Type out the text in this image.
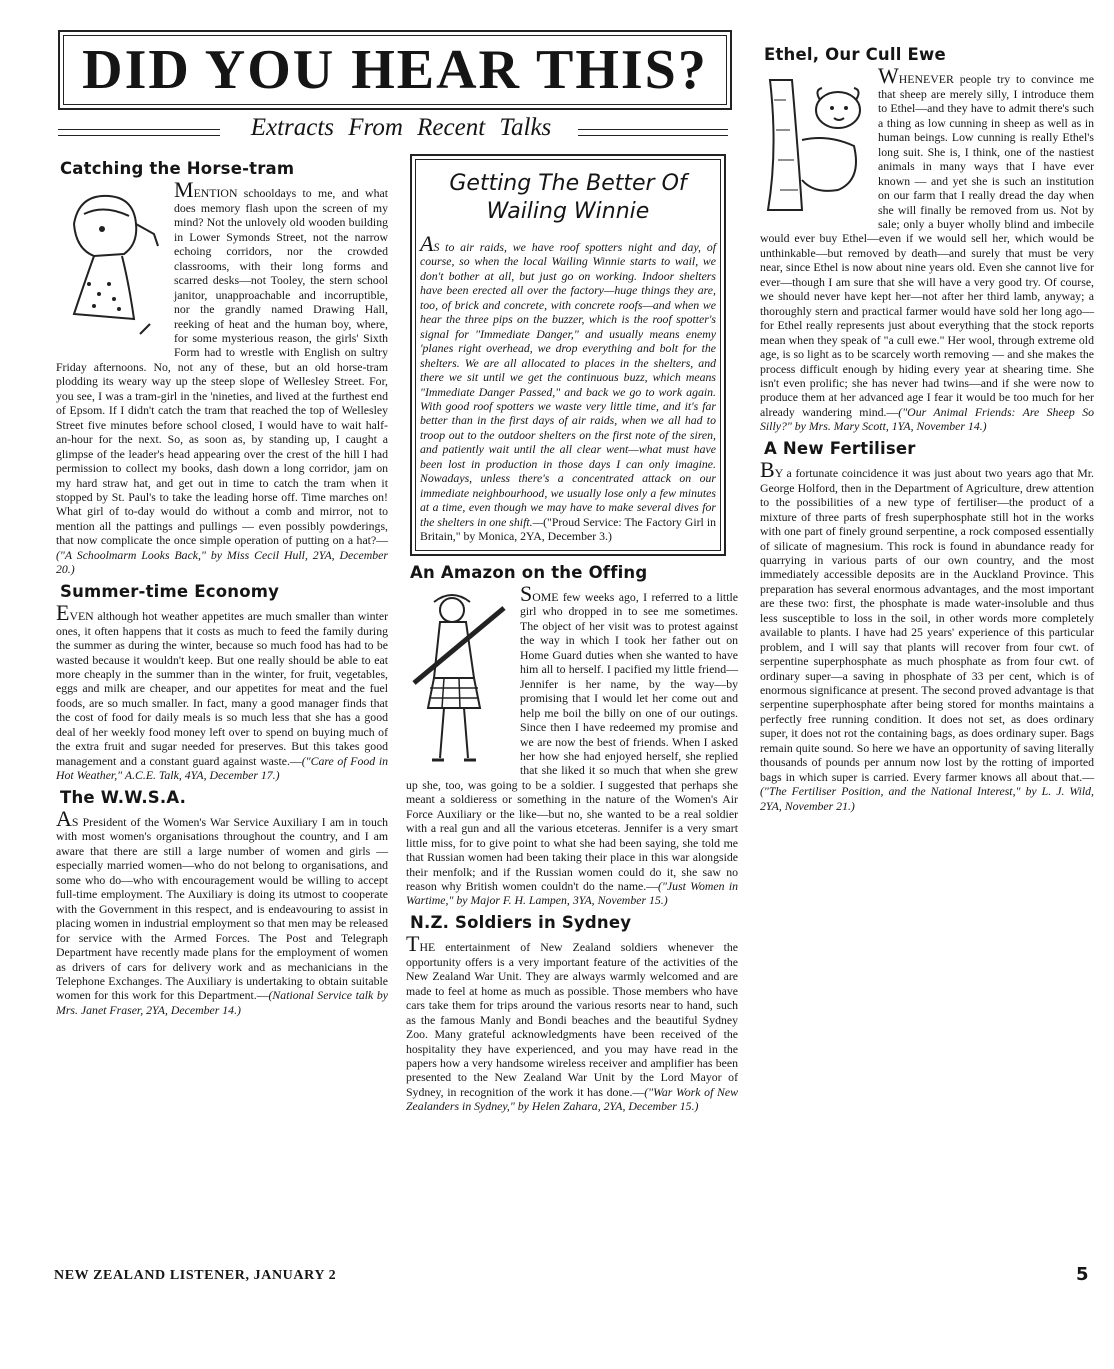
DID YOU HEAR THIS?
Extracts From Recent Talks
Catching the Horse-tram

MENTION schooldays to me, and what does memory flash upon the screen of my mind? Not the unlovely old wooden building in Lower Symonds Street, not the narrow echoing corridors, nor the crowded classrooms, with their long forms and scarred desks—not Tooley, the stern school janitor, unapproachable and incorruptible, nor the grandly named Drawing Hall, reeking of heat and the human boy, where, for some mysterious reason, the girls' Sixth Form had to wrestle with English on sultry Friday afternoons. No, not any of these, but an old horse-tram plodding its weary way up the steep slope of Wellesley Street. For, you see, I was a tram-girl in the 'nineties, and lived at the furthest end of Epsom. If I didn't catch the tram that reached the top of Wellesley Street five minutes before school closed, I would have to wait half-an-hour for the next. So, as soon as, by standing up, I caught a glimpse of the leader's head appearing over the crest of the hill I had permission to collect my books, dash down a long corridor, jam on my hard straw hat, and get out in time to catch the tram when it stopped by St. Paul's to take the leading horse off. Time marches on! What girl of to-day would do without a comb and mirror, not to mention all the pattings and pullings — even possibly powderings, that now complicate the once simple operation of putting on a hat?—("A Schoolmarm Looks Back," by Miss Cecil Hull, 2YA, December 20.)

Summer-time Economy

EVEN although hot weather appetites are much smaller than winter ones, it often happens that it costs as much to feed the family during the summer as during the winter, because so much food has had to be wasted because it wouldn't keep. But one really should be able to eat more cheaply in the summer than in the winter, for fruit, vegetables, eggs and milk are cheaper, and our appetites for meat and the fuel foods, are so much smaller. In fact, many a good manager finds that the cost of food for daily meals is so much less that she has a good deal of her weekly food money left over to spend on buying much of the extra fruit and sugar needed for preserves. But this takes good management and a constant guard against waste.—("Care of Food in Hot Weather," A.C.E. Talk, 4YA, December 17.)

The W.W.S.A.

AS President of the Women's War Service Auxiliary I am in touch with most women's organisations throughout the country, and I am aware that there are still a large number of women and girls — especially married women—who do not belong to organisations, and some who do—who with encouragement would be willing to accept full-time employment. The Auxiliary is doing its utmost to cooperate with the Government in this respect, and is endeavouring to assist in placing women in industrial employment so that men may be released for service with the Armed Forces. The Post and Telegraph Department have recently made plans for the employment of women as drivers of cars for delivery work and as mechanicians in the Telephone Exchanges. The Auxiliary is undertaking to obtain suitable women for this work for this Department.—(National Service talk by Mrs. Janet Fraser, 2YA, December 14.)

Getting The Better Of Wailing Winnie

AS to air raids, we have roof spotters night and day, of course, so when the local Wailing Winnie starts to wail, we don't bother at all, but just go on working. Indoor shelters have been erected all over the factory—huge things they are, too, of brick and concrete, with concrete roofs—and when we hear the three pips on the buzzer, which is the roof spotter's signal for "Immediate Danger," and usually means enemy 'planes right overhead, we drop everything and bolt for the shelters. We are all allocated to places in the shelters, and there we sit until we get the continuous buzz, which means "Immediate Danger Passed," and back we go to work again. With good roof spotters we waste very little time, and it's far better than in the first days of air raids, when we all had to troop out to the outdoor shelters on the first note of the siren, and patiently wait until the all clear went—what must have been lost in production in those days I can only imagine. Nowadays, unless there's a concentrated attack on our immediate neighbourhood, we usually lose only a few minutes at a time, even though we may have to make several dives for the shelters in one shift.—("Proud Service: The Factory Girl in Britain," by Monica, 2YA, December 3.)

An Amazon on the Offing

SOME few weeks ago, I referred to a little girl who dropped in to see me sometimes. The object of her visit was to protest against the way in which I took her father out on Home Guard duties when she wanted to have him all to herself. I pacified my little friend—Jennifer is her name, by the way—by promising that I would let her come out and help me boil the billy on one of our outings. Since then I have redeemed my promise and we are now the best of friends. When I asked her how she had enjoyed herself, she replied that she liked it so much that when she grew up she, too, was going to be a soldier. I suggested that perhaps she meant a soldieress or something in the nature of the Women's Air Force Auxiliary or the like—but no, she wanted to be a real soldier with a real gun and all the various etceteras. Jennifer is a very smart little miss, for to give point to what she had been saying, she told me that Russian women had been taking their place in this war alongside their menfolk; and if the Russian women could do it, she saw no reason why British women couldn't do the name.—("Just Women in Wartime," by Major F. H. Lampen, 3YA, November 15.)

N.Z. Soldiers in Sydney

THE entertainment of New Zealand soldiers whenever the opportunity offers is a very important feature of the activities of the New Zealand War Unit. They are always warmly welcomed and are made to feel at home as much as possible. Those members who have cars take them for trips around the various resorts near to hand, such as the famous Manly and Bondi beaches and the beautiful Sydney Zoo. Many grateful acknowledgments have been received of the hospitality they have experienced, and you may have read in the papers how a very handsome wireless receiver and amplifier has been presented to the New Zealand War Unit by the Lord Mayor of Sydney, in recognition of the work it has done.—("War Work of New Zealanders in Sydney," by Helen Zahara, 2YA, December 15.)

Ethel, Our Cull Ewe

WHENEVER people try to convince me that sheep are merely silly, I introduce them to Ethel—and they have to admit there's such a thing as low cunning in sheep as well as in human beings. Low cunning is really Ethel's long suit. She is, I think, one of the nastiest animals in many ways that I have ever known — and yet she is such an institution on our farm that I really dread the day when she will finally be removed from us. Not by sale; only a buyer wholly blind and imbecile would ever buy Ethel—even if we would sell her, which would be unthinkable—but removed by death—and surely that must be very near, since Ethel is now about nine years old. Even she cannot live for ever—though I am sure that she will have a very good try. Of course, we should never have kept her—not after her third lamb, anyway; a thoroughly stern and practical farmer would have sold her long ago—for Ethel really represents just about everything that the stock reports mean when they speak of "a cull ewe." Her wool, through extreme old age, is so light as to be scarcely worth removing — and she makes the process difficult enough by hiding every year at shearing time. She isn't even prolific; she has never had twins—and if she were now to produce them at her advanced age I fear it would be too much for her already wandering mind.—("Our Animal Friends: Are Sheep So Silly?" by Mrs. Mary Scott, 1YA, November 14.)

A New Fertiliser

BY a fortunate coincidence it was just about two years ago that Mr. George Holford, then in the Department of Agriculture, drew attention to the possibilities of a new type of fertiliser—the product of a mixture of three parts of fresh superphosphate still hot in the works with one part of finely ground serpentine, a rock composed essentially of silicate of magnesium. This rock is found in abundance ready for quarrying in various parts of our own country, and the most immediately accessible deposits are in the Auckland Province. This preparation has several enormous advantages, and the most important are these two: first, the phosphate is made water-insoluble and thus less susceptible to loss in the soil, in other words more completely available to plants. I have had 25 years' experience of this particular problem, and I will say that plants will recover from four cwt. of serpentine superphosphate as much phosphate as from four cwt. of ordinary super—a saving in phosphate of 33 per cent, which is of enormous significance at present. The second proved advantage is that serpentine superphosphate after being stored for months maintains a perfectly free running condition. It does not set, as does ordinary super, it does not rot the containing bags, as does ordinary super. Bags remain quite sound. So here we have an opportunity of saving literally thousands of pounds per annum now lost by the rotting of imported bags in which super is carried. Every farmer knows all about that.—("The Fertiliser Position, and the National Interest," by L. J. Wild, 2YA, November 21.)

NEW ZEALAND LISTENER, JANUARY 2	5
